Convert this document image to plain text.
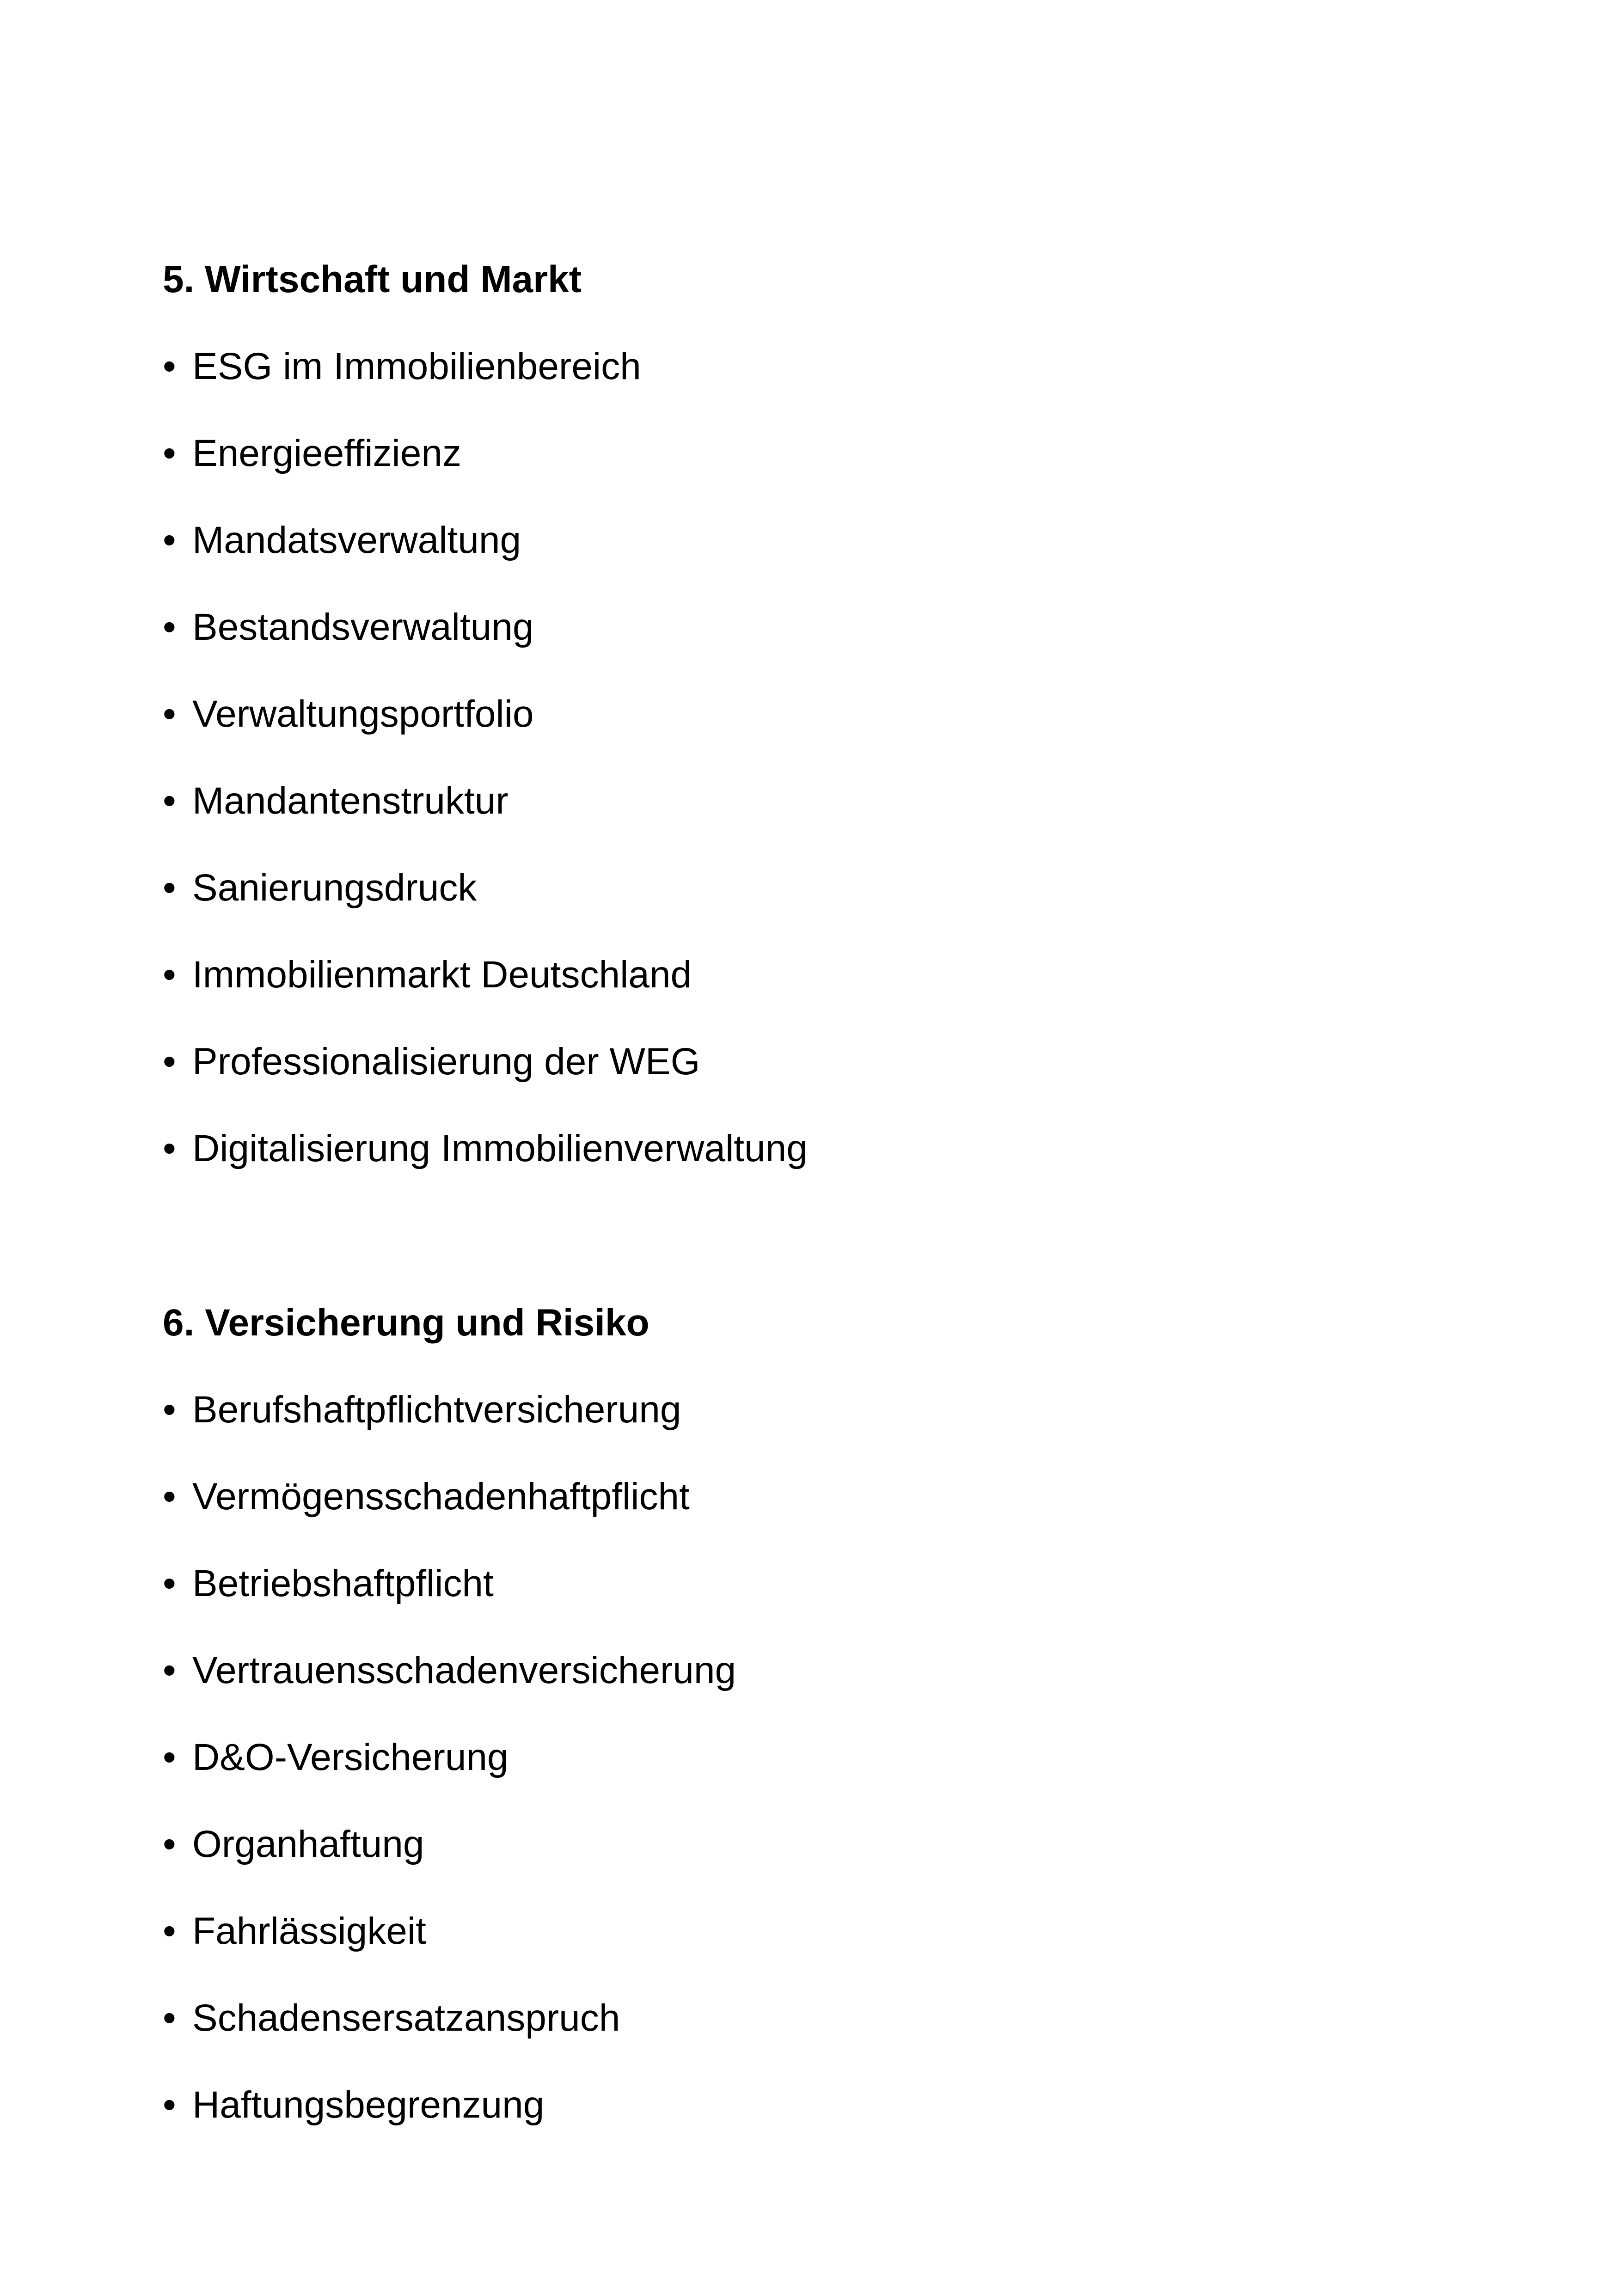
5. Wirtschaft und Markt
• ESG im Immobilienbereich
• Energieeffizienz
• Mandatsverwaltung
• Bestandsverwaltung
• Verwaltungsportfolio
• Mandantenstruktur
• Sanierungsdruck
• Immobilienmarkt Deutschland
• Professionalisierung der WEG
• Digitalisierung Immobilienverwaltung
6. Versicherung und Risiko
• Berufshaftpflichtversicherung
• Vermögensschadenhaftpflicht
• Betriebshaftpflicht
• Vertrauensschadenversicherung
• D&O-Versicherung
• Organhaftung
• Fahrlässigkeit
• Schadensersatzanspruch
• Haftungsbegrenzung
